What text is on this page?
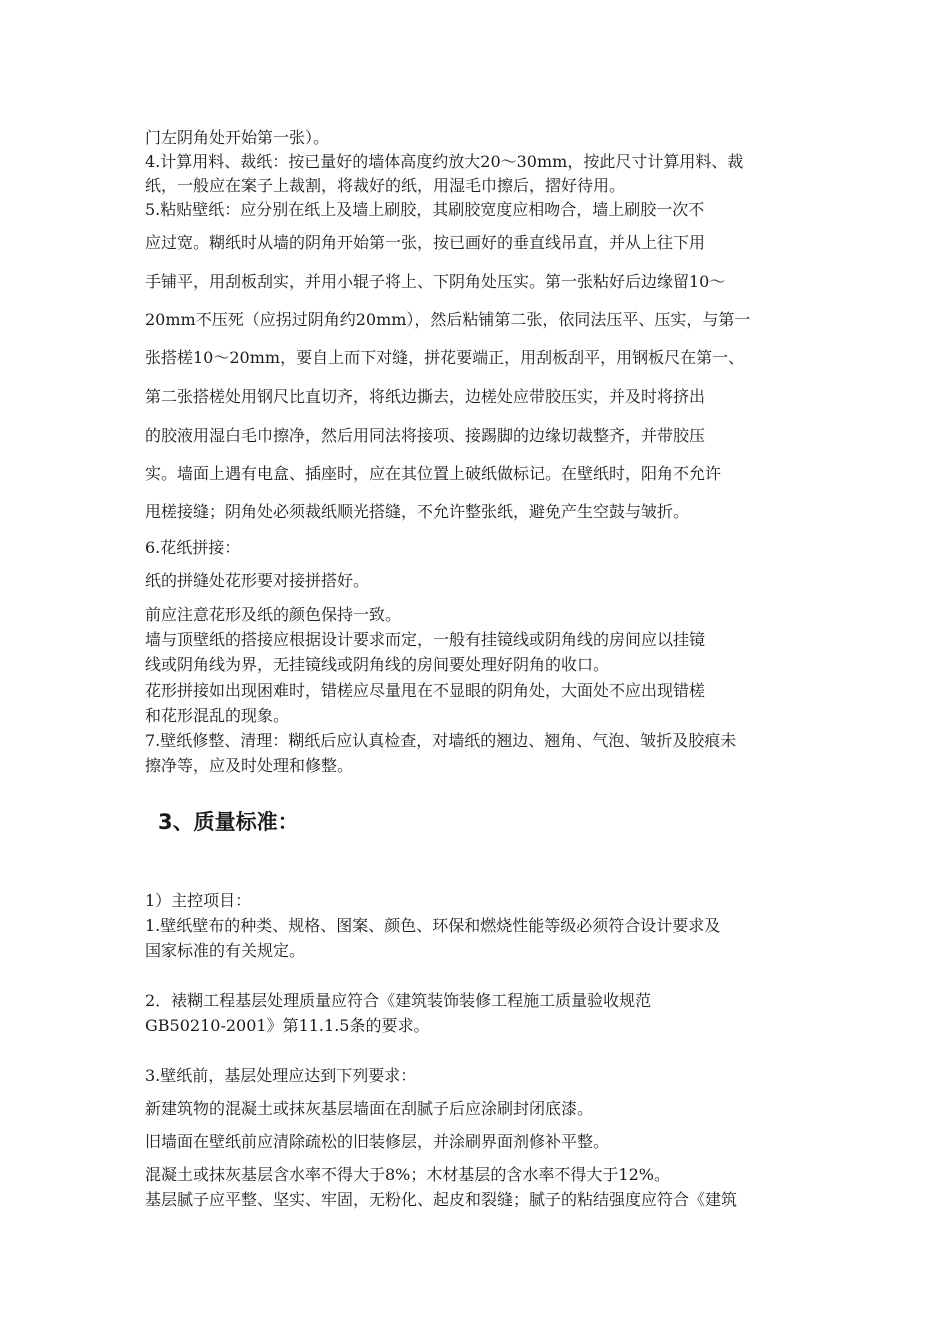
门左阴角处开始第一张）。
4.计算用料、裁纸：按已量好的墙体高度约放大20～30mm，按此尺寸计算用料、裁
纸，一般应在案子上裁割，将裁好的纸，用湿毛巾擦后，摺好待用。
5.粘贴壁纸：应分别在纸上及墙上刷胶，其刷胶宽度应相吻合，墙上刷胶一次不
应过宽。糊纸时从墙的阴角开始第一张，按已画好的垂直线吊直，并从上往下用
手铺平，用刮板刮实，并用小辊子将上、下阴角处压实。第一张粘好后边缘留10～
20mm不压死（应拐过阴角约20mm），然后粘铺第二张，依同法压平、压实，与第一
张搭槎10～20mm，要自上而下对缝，拼花要端正，用刮板刮平，用钢板尺在第一、
第二张搭槎处用钢尺比直切齐，将纸边撕去，边槎处应带胶压实，并及时将挤出
的胶液用湿白毛巾擦净，然后用同法将接项、接踢脚的边缘切裁整齐，并带胶压
实。墙面上遇有电盒、插座时，应在其位置上破纸做标记。在壁纸时，阳角不允许
甩槎接缝；阴角处必须裁纸顺光搭缝，不允许整张纸，避免产生空鼓与皱折。
6.花纸拼接：
纸的拼缝处花形要对接拼搭好。
前应注意花形及纸的颜色保持一致。
墙与顶壁纸的搭接应根据设计要求而定，一般有挂镜线或阴角线的房间应以挂镜
线或阴角线为界，无挂镜线或阴角线的房间要处理好阴角的收口。
花形拼接如出现困难时，错槎应尽量甩在不显眼的阴角处，大面处不应出现错槎
和花形混乱的现象。
7.壁纸修整、清理：糊纸后应认真检查，对墙纸的翘边、翘角、气泡、皱折及胶痕未
擦净等，应及时处理和修整。
3、质量标准：
1）主控项目：
1.壁纸壁布的种类、规格、图案、颜色、环保和燃烧性能等级必须符合设计要求及
国家标准的有关规定。
2．裱糊工程基层处理质量应符合《建筑装饰装修工程施工质量验收规范
GB50210-2001》第11.1.5条的要求。
3.壁纸前，基层处理应达到下列要求：
新建筑物的混凝土或抹灰基层墙面在刮腻子后应涂刷封闭底漆。
旧墙面在壁纸前应清除疏松的旧装修层，并涂刷界面剂修补平整。
混凝土或抹灰基层含水率不得大于8%；木材基层的含水率不得大于12%。
基层腻子应平整、坚实、牢固，无粉化、起皮和裂缝；腻子的粘结强度应符合《建筑
